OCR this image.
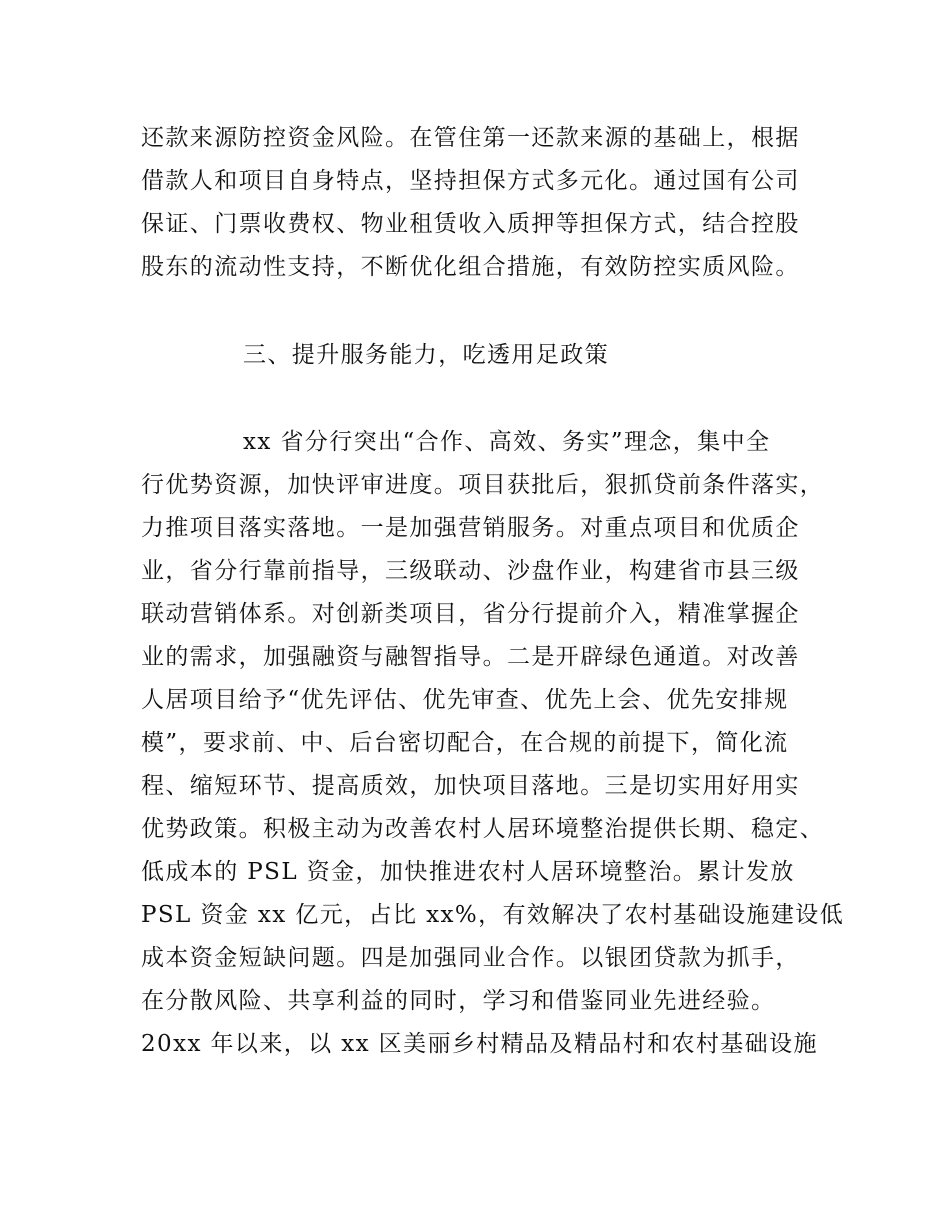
还款来源防控资金风险。在管住第一还款来源的基础上，根据
借款人和项目自身特点，坚持担保方式多元化。通过国有公司
保证、门票收费权、物业租赁收入质押等担保方式，结合控股
股东的流动性支持，不断优化组合措施，有效防控实质风险。
三、提升服务能力，吃透用足政策
xx 省分行突出“合作、高效、务实”理念，集中全
行优势资源，加快评审进度。项目获批后，狠抓贷前条件落实，
力推项目落实落地。一是加强营销服务。对重点项目和优质企
业，省分行靠前指导，三级联动、沙盘作业，构建省市县三级
联动营销体系。对创新类项目，省分行提前介入，精准掌握企
业的需求，加强融资与融智指导。二是开辟绿色通道。对改善
人居项目给予“优先评估、优先审查、优先上会、优先安排规
模”，要求前、中、后台密切配合，在合规的前提下，简化流
程、缩短环节、提高质效，加快项目落地。三是切实用好用实
优势政策。积极主动为改善农村人居环境整治提供长期、稳定、
低成本的 PSL 资金，加快推进农村人居环境整治。累计发放
PSL 资金 xx 亿元，占比 xx%，有效解决了农村基础设施建设低
成本资金短缺问题。四是加强同业合作。以银团贷款为抓手，
在分散风险、共享利益的同时，学习和借鉴同业先进经验。
20xx 年以来，以 xx 区美丽乡村精品及精品村和农村基础设施
